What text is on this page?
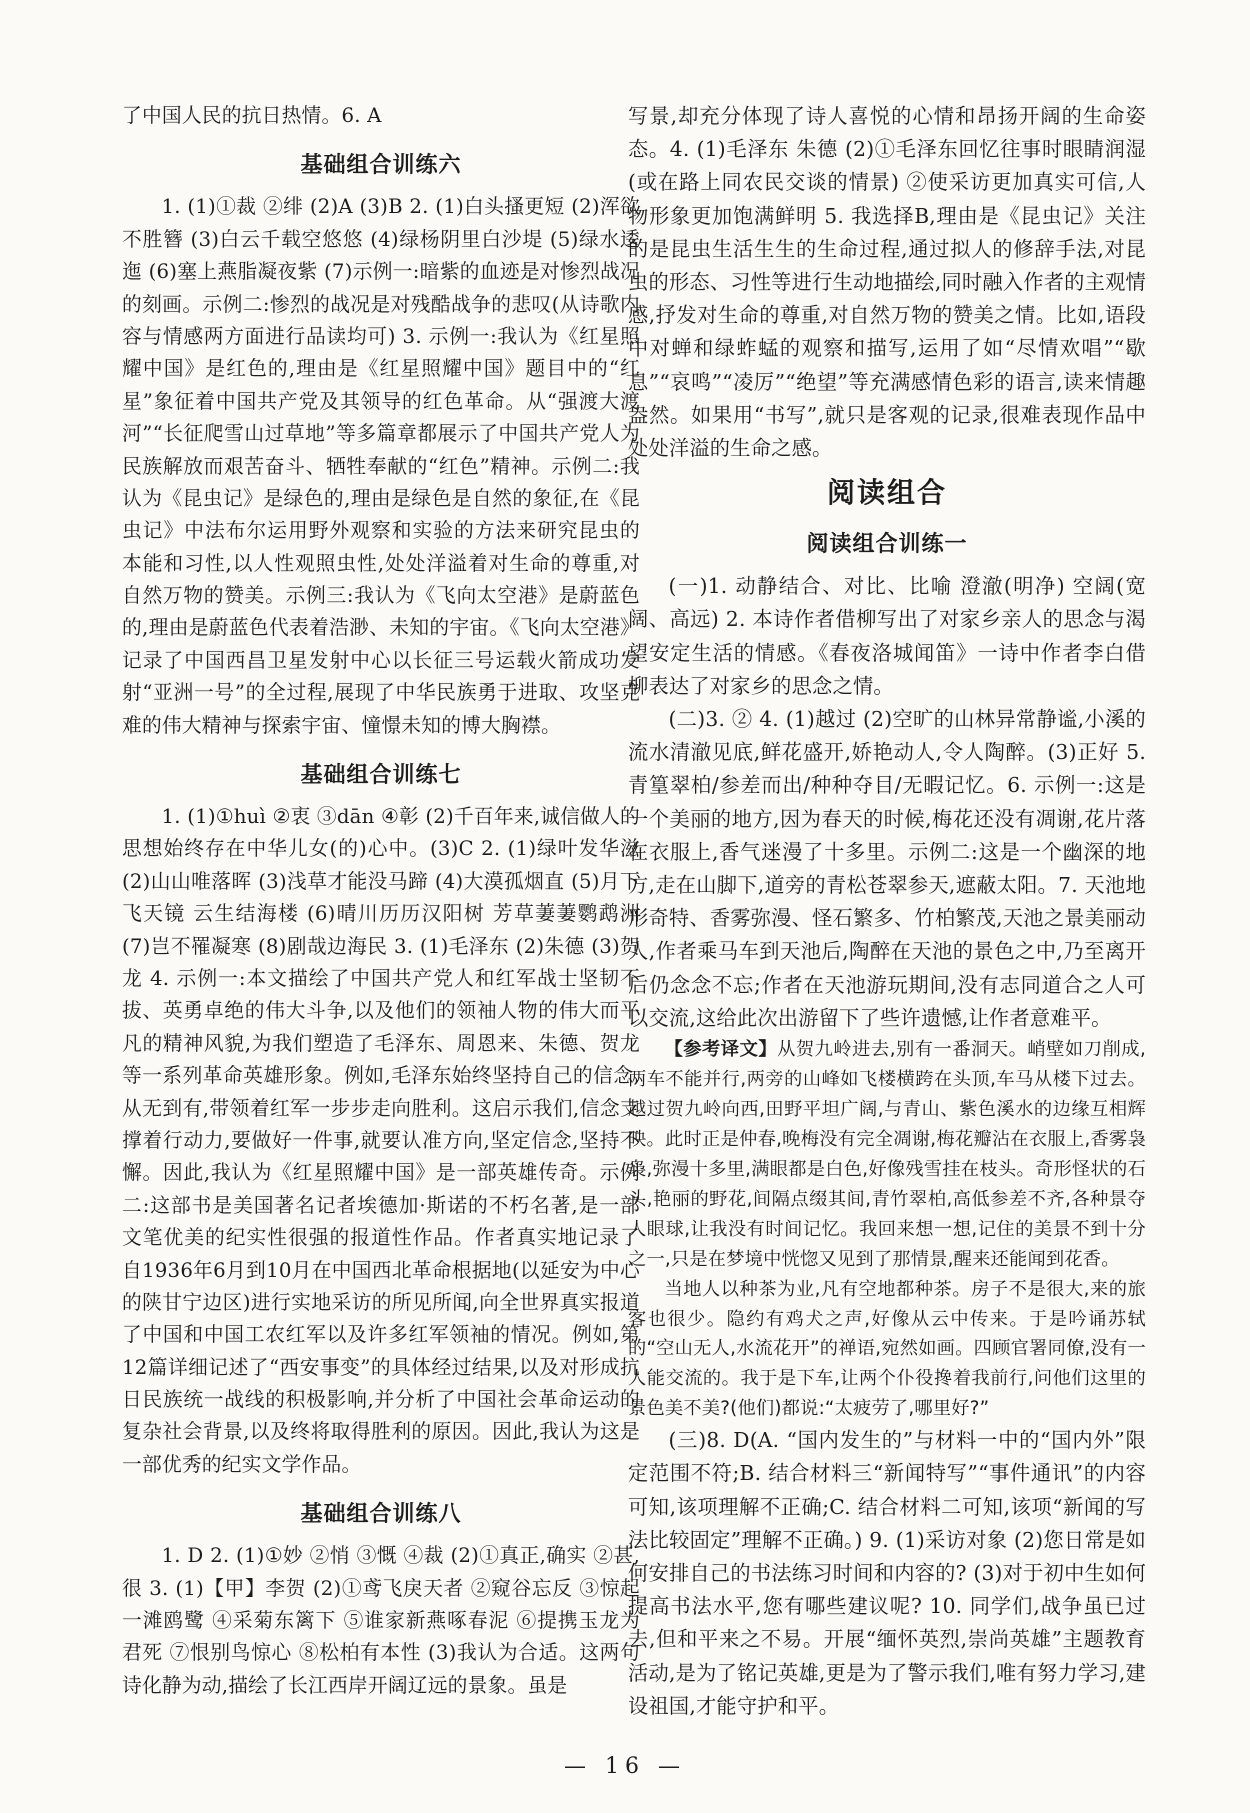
了中国人民的抗日热情。6. A

基础组合训练六

1. (1)①裁 ②绯 (2)A (3)B 2. (1)白头搔更短 (2)浑欲不胜簪 (3)白云千载空悠悠 (4)绿杨阴里白沙堤 (5)绿水逶迤 (6)塞上燕脂凝夜紫 (7)示例一:暗紫的血迹是对惨烈战况的刻画。示例二:惨烈的战况是对残酷战争的悲叹(从诗歌内容与情感两方面进行品读均可) 3. 示例一:我认为《红星照耀中国》是红色的,理由是《红星照耀中国》题目中的“红星”象征着中国共产党及其领导的红色革命。从“强渡大渡河”“长征爬雪山过草地”等多篇章都展示了中国共产党人为民族解放而艰苦奋斗、牺牲奉献的“红色”精神。示例二:我认为《昆虫记》是绿色的,理由是绿色是自然的象征,在《昆虫记》中法布尔运用野外观察和实验的方法来研究昆虫的本能和习性,以人性观照虫性,处处洋溢着对生命的尊重,对自然万物的赞美。示例三:我认为《飞向太空港》是蔚蓝色的,理由是蔚蓝色代表着浩渺、未知的宇宙。《飞向太空港》记录了中国西昌卫星发射中心以长征三号运载火箭成功发射“亚洲一号”的全过程,展现了中华民族勇于进取、攻坚克难的伟大精神与探索宇宙、憧憬未知的博大胸襟。

基础组合训练七

1. (1)①huì ②衷 ③dān ④彰 (2)千百年来,诚信做人的思想始终存在中华儿女(的)心中。(3)C 2. (1)绿叶发华滋 (2)山山唯落晖 (3)浅草才能没马蹄 (4)大漠孤烟直 (5)月下飞天镜 云生结海楼 (6)晴川历历汉阳树 芳草萋萋鹦鹉洲 (7)岂不罹凝寒 (8)剧哉边海民 3. (1)毛泽东 (2)朱德 (3)贺龙 4. 示例一:本文描绘了中国共产党人和红军战士坚韧不拔、英勇卓绝的伟大斗争,以及他们的领袖人物的伟大而平凡的精神风貌,为我们塑造了毛泽东、周恩来、朱德、贺龙等一系列革命英雄形象。例如,毛泽东始终坚持自己的信念,从无到有,带领着红军一步步走向胜利。这启示我们,信念支撑着行动力,要做好一件事,就要认准方向,坚定信念,坚持不懈。因此,我认为《红星照耀中国》是一部英雄传奇。示例二:这部书是美国著名记者埃德加·斯诺的不朽名著,是一部文笔优美的纪实性很强的报道性作品。作者真实地记录了自1936年6月到10月在中国西北革命根据地(以延安为中心的陕甘宁边区)进行实地采访的所见所闻,向全世界真实报道了中国和中国工农红军以及许多红军领袖的情况。例如,第12篇详细记述了“西安事变”的具体经过结果,以及对形成抗日民族统一战线的积极影响,并分析了中国社会革命运动的复杂社会背景,以及终将取得胜利的原因。因此,我认为这是一部优秀的纪实文学作品。

基础组合训练八

1. D 2. (1)①妙 ②悄 ③慨 ④裁 (2)①真正,确实 ②甚,很 3. (1)【甲】李贺 (2)①鸢飞戾天者 ②窥谷忘反 ③惊起一滩鸥鹭 ④采菊东篱下 ⑤谁家新燕啄春泥 ⑥提携玉龙为君死 ⑦恨别鸟惊心 ⑧松柏有本性 (3)我认为合适。这两句诗化静为动,描绘了长江西岸开阔辽远的景象。虽是

写景,却充分体现了诗人喜悦的心情和昂扬开阔的生命姿态。4. (1)毛泽东 朱德 (2)①毛泽东回忆往事时眼睛润湿(或在路上同农民交谈的情景) ②使采访更加真实可信,人物形象更加饱满鲜明 5. 我选择B,理由是《昆虫记》关注的是昆虫生活生生的生命过程,通过拟人的修辞手法,对昆虫的形态、习性等进行生动地描绘,同时融入作者的主观情感,抒发对生命的尊重,对自然万物的赞美之情。比如,语段中对蝉和绿蚱蜢的观察和描写,运用了如“尽情欢唱”“歇息”“哀鸣”“凌厉”“绝望”等充满感情色彩的语言,读来情趣盎然。如果用“书写”,就只是客观的记录,很难表现作品中处处洋溢的生命之感。

阅读组合
阅读组合训练一

(一)1. 动静结合、对比、比喻 澄澈(明净) 空阔(宽阔、高远) 2. 本诗作者借柳写出了对家乡亲人的思念与渴望安定生活的情感。《春夜洛城闻笛》一诗中作者李白借柳表达了对家乡的思念之情。

(二)3. ② 4. (1)越过 (2)空旷的山林异常静谧,小溪的流水清澈见底,鲜花盛开,娇艳动人,令人陶醉。(3)正好 5. 青篁翠柏/参差而出/种种夺目/无暇记忆。6. 示例一:这是一个美丽的地方,因为春天的时候,梅花还没有凋谢,花片落在衣服上,香气迷漫了十多里。示例二:这是一个幽深的地方,走在山脚下,道旁的青松苍翠参天,遮蔽太阳。7. 天池地形奇特、香雾弥漫、怪石繁多、竹柏繁茂,天池之景美丽动人,作者乘马车到天池后,陶醉在天池的景色之中,乃至离开后仍念念不忘;作者在天池游玩期间,没有志同道合之人可以交流,这给此次出游留下了些许遗憾,让作者意难平。

【参考译文】从贺九岭进去,别有一番洞天。峭壁如刀削成,两车不能并行,两旁的山峰如飞楼横跨在头顶,车马从楼下过去。越过贺九岭向西,田野平坦广阔,与青山、紫色溪水的边缘互相辉映。此时正是仲春,晚梅没有完全凋谢,梅花瓣沾在衣服上,香雾袅袅,弥漫十多里,满眼都是白色,好像残雪挂在枝头。奇形怪状的石头,艳丽的野花,间隔点缀其间,青竹翠柏,高低参差不齐,各种景夺人眼球,让我没有时间记忆。我回来想一想,记住的美景不到十分之一,只是在梦境中恍惚又见到了那情景,醒来还能闻到花香。

当地人以种茶为业,凡有空地都种茶。房子不是很大,来的旅客也很少。隐约有鸡犬之声,好像从云中传来。于是吟诵苏轼的“空山无人,水流花开”的禅语,宛然如画。四顾官署同僚,没有一人能交流的。我于是下车,让两个仆役搀着我前行,问他们这里的景色美不美?(他们)都说:“太疲劳了,哪里好?”

(三)8. D(A. “国内发生的”与材料一中的“国内外”限定范围不符;B. 结合材料三“新闻特写”“事件通讯”的内容可知,该项理解不正确;C. 结合材料二可知,该项“新闻的写法比较固定”理解不正确。) 9. (1)采访对象 (2)您日常是如何安排自己的书法练习时间和内容的? (3)对于初中生如何提高书法水平,您有哪些建议呢? 10. 同学们,战争虽已过去,但和平来之不易。开展“缅怀英烈,崇尚英雄”主题教育活动,是为了铭记英雄,更是为了警示我们,唯有努力学习,建设祖国,才能守护和平。

— 16 —
